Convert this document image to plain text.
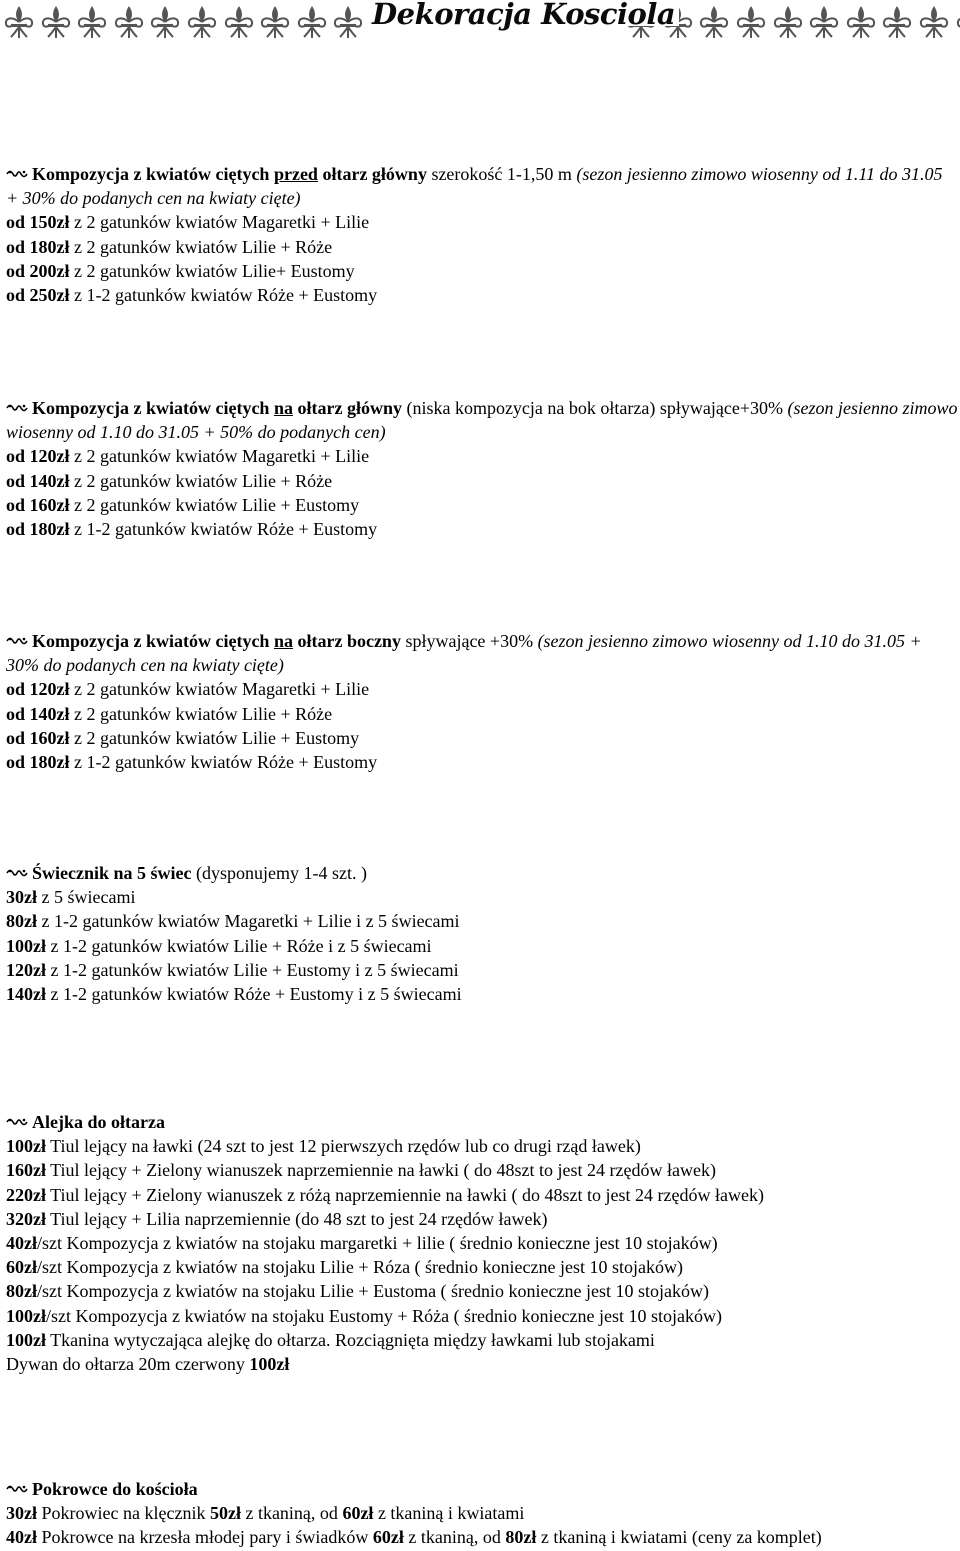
Dekoracja Kosciola
Kompozycja z kwiatów ciętych przed ołtarz główny szerokość 1-1,50 m (sezon jesienno zimowo wiosenny od 1.11 do 31.05 + 30% do podanych cen na kwiaty cięte)
od 150zł z 2 gatunków kwiatów Magaretki + Lilie
od 180zł z 2 gatunków kwiatów Lilie + Róże
od 200zł z 2 gatunków kwiatów Lilie+ Eustomy
od 250zł z 1-2 gatunków kwiatów Róże + Eustomy
Kompozycja z kwiatów ciętych na ołtarz główny (niska kompozycja na bok ołtarza) spływające+30% (sezon jesienno zimowo wiosenny od 1.10 do 31.05 + 50% do podanych cen)
od 120zł z 2 gatunków kwiatów Magaretki + Lilie
od 140zł z 2 gatunków kwiatów Lilie + Róże
od 160zł z 2 gatunków kwiatów Lilie + Eustomy
od 180zł z 1-2 gatunków kwiatów Róże + Eustomy
Kompozycja z kwiatów ciętych na ołtarz boczny spływające +30% (sezon jesienno zimowo wiosenny od 1.10 do 31.05 + 30% do podanych cen na kwiaty cięte)
od 120zł z 2 gatunków kwiatów Magaretki + Lilie
od 140zł z 2 gatunków kwiatów Lilie + Róże
od 160zł z 2 gatunków kwiatów Lilie + Eustomy
od 180zł z 1-2 gatunków kwiatów Róże + Eustomy
Świecznik na 5 świec (dysponujemy 1-4 szt. )
30zł z 5 świecami
80zł z 1-2 gatunków kwiatów Magaretki + Lilie i z 5 świecami
100zł z 1-2 gatunków kwiatów Lilie + Róże i z 5 świecami
120zł z 1-2 gatunków kwiatów Lilie + Eustomy i z 5 świecami
140zł z 1-2 gatunków kwiatów Róże + Eustomy i z 5 świecami
Alejka do ołtarza
100zł Tiul lejący na ławki (24 szt to jest 12 pierwszych rzędów lub co drugi rząd ławek)
160zł Tiul lejący + Zielony wianuszek naprzemiennie na ławki ( do 48szt to jest 24 rzędów ławek)
220zł Tiul lejący + Zielony wianuszek z różą naprzemiennie na ławki ( do 48szt to jest 24 rzędów ławek)
320zł Tiul lejący + Lilia naprzemiennie (do 48 szt to jest 24 rzędów ławek)
40zł/szt Kompozycja z kwiatów na stojaku margaretki + lilie ( średnio konieczne jest 10 stojaków)
60zł/szt Kompozycja z kwiatów na stojaku Lilie + Róza ( średnio konieczne jest 10 stojaków)
80zł/szt Kompozycja z kwiatów na stojaku Lilie + Eustoma ( średnio konieczne jest 10 stojaków)
100zł/szt Kompozycja z kwiatów na stojaku Eustomy + Róża ( średnio konieczne jest 10 stojaków)
100zł Tkanina wytyczająca alejkę do ołtarza. Rozciągnięta między ławkami lub stojakami
Dywan do ołtarza 20m czerwony 100zł
Pokrowce do kościoła
30zł Pokrowiec na klęcznik 50zł z tkaniną, od 60zł z tkaniną i kwiatami
40zł Pokrowce na krzesła młodej pary i świadków 60zł z tkaniną, od 80zł z tkaniną i kwiatami (ceny za komplet)
